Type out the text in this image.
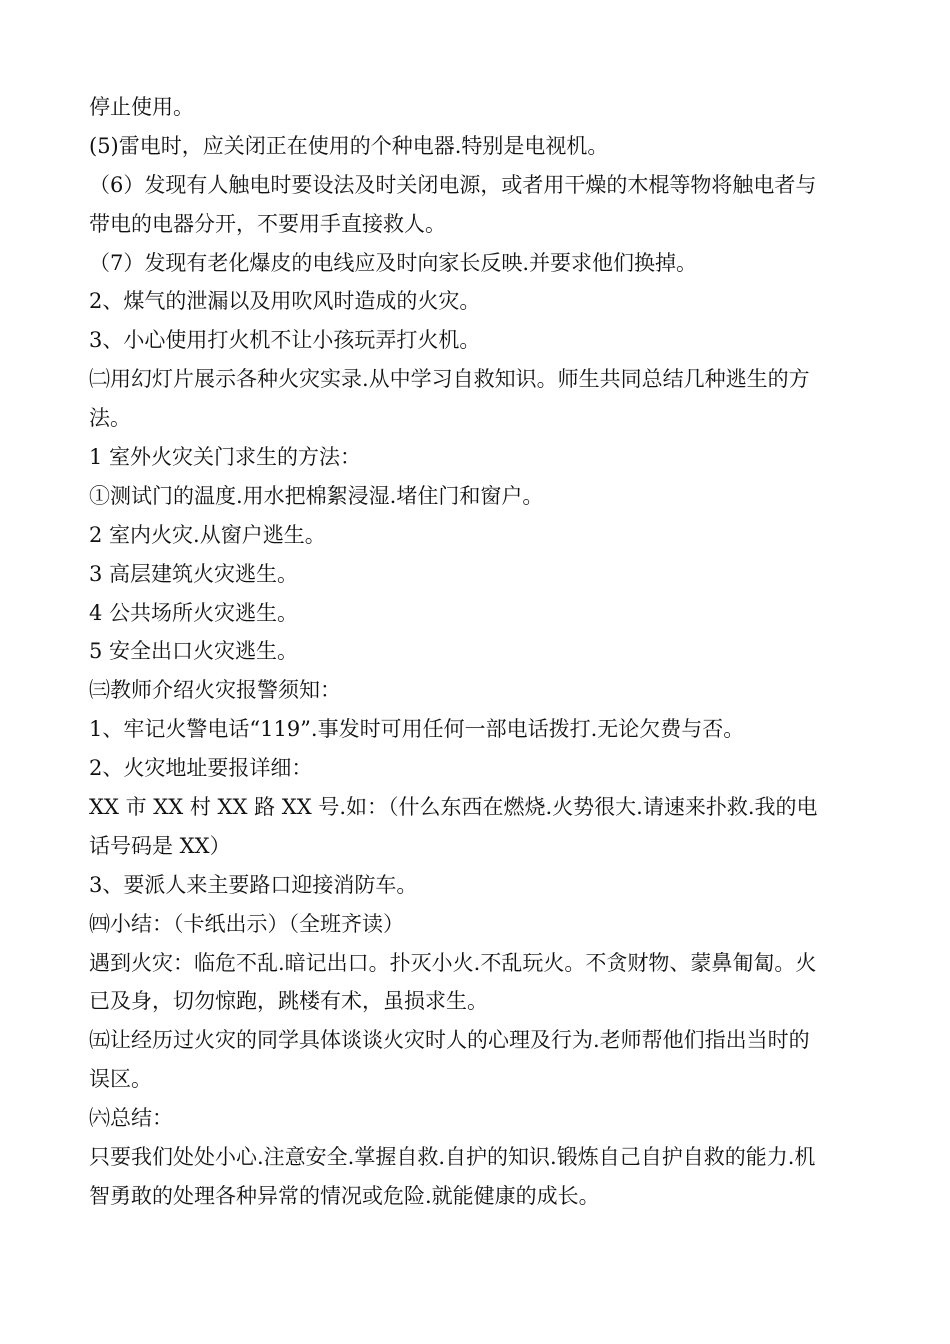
停止使用。
(5)雷电时，应关闭正在使用的个种电器.特别是电视机。
（6）发现有人触电时要设法及时关闭电源，或者用干燥的木棍等物将触电者与
带电的电器分开，不要用手直接救人。
（7）发现有老化爆皮的电线应及时向家长反映.并要求他们换掉。
2、煤气的泄漏以及用吹风时造成的火灾。
3、小心使用打火机不让小孩玩弄打火机。
㈡用幻灯片展示各种火灾实录.从中学习自救知识。师生共同总结几种逃生的方
法。
1 室外火灾关门求生的方法：
①测试门的温度.用水把棉絮浸湿.堵住门和窗户。
2 室内火灾.从窗户逃生。
3 高层建筑火灾逃生。
4 公共场所火灾逃生。
5 安全出口火灾逃生。
㈢教师介绍火灾报警须知：
1、牢记火警电话“119”.事发时可用任何一部电话拨打.无论欠费与否。
2、火灾地址要报详细：
XX 市 XX 村 XX 路 XX 号.如：（什么东西在燃烧.火势很大.请速来扑救.我的电
话号码是 XX）
3、要派人来主要路口迎接消防车。
㈣小结：（卡纸出示）（全班齐读）
遇到火灾：临危不乱.暗记出口。扑灭小火.不乱玩火。不贪财物、蒙鼻匍匐。火
已及身，切勿惊跑，跳楼有术，虽损求生。
㈤让经历过火灾的同学具体谈谈火灾时人的心理及行为.老师帮他们指出当时的
误区。
㈥总结：
只要我们处处小心.注意安全.掌握自救.自护的知识.锻炼自己自护自救的能力.机
智勇敢的处理各种异常的情况或危险.就能健康的成长。
